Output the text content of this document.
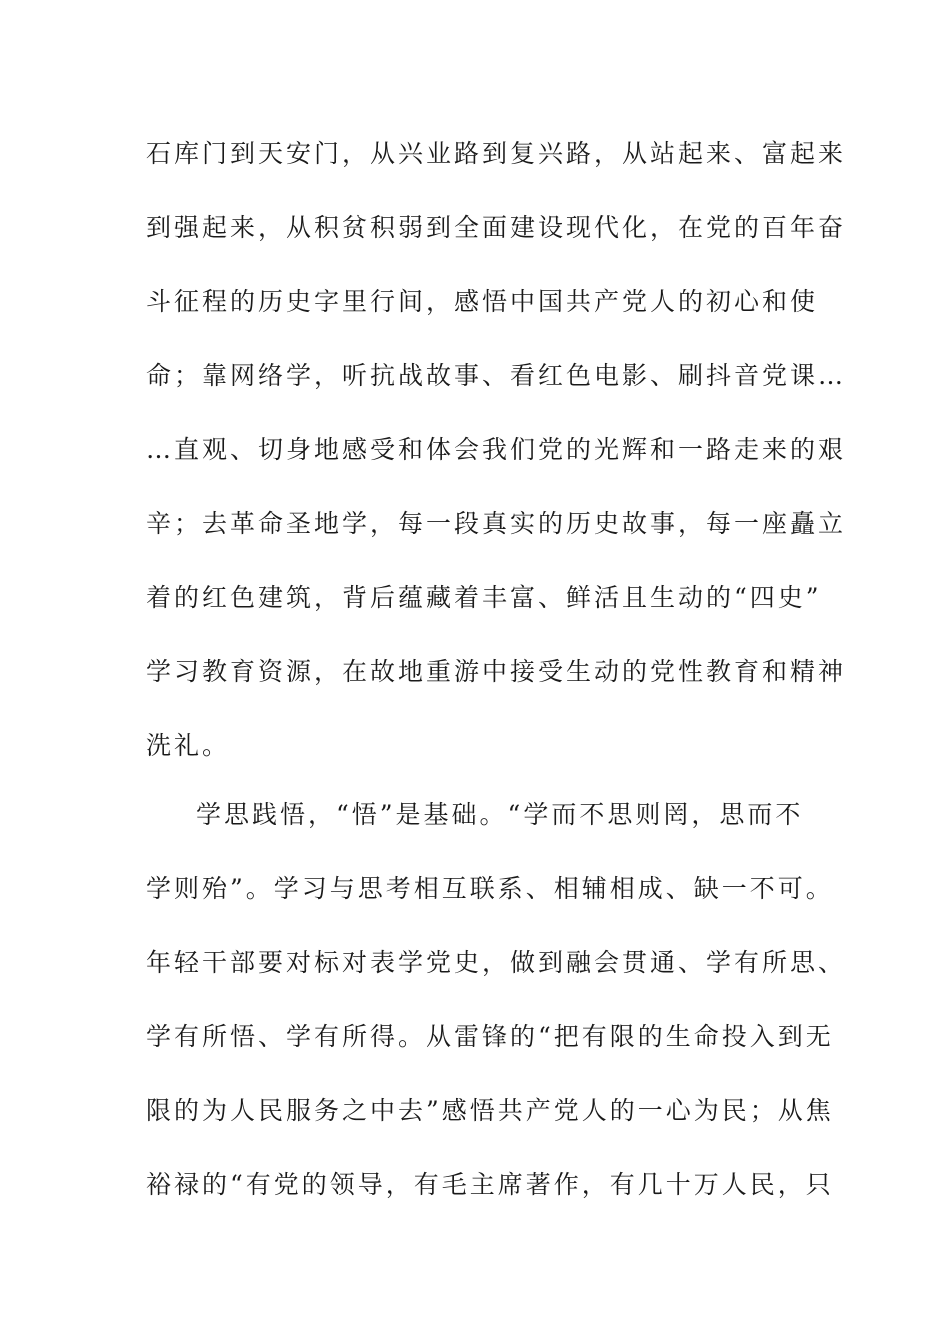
石库门到天安门，从兴业路到复兴路，从站起来、富起来
到强起来，从积贫积弱到全面建设现代化，在党的百年奋
斗征程的历史字里行间，感悟中国共产党人的初心和使
命；靠网络学，听抗战故事、看红色电影、刷抖音党课…
…直观、切身地感受和体会我们党的光辉和一路走来的艰
辛；去革命圣地学，每一段真实的历史故事，每一座矗立
着的红色建筑，背后蕴藏着丰富、鲜活且生动的“四史”
学习教育资源，在故地重游中接受生动的党性教育和精神
洗礼。
学思践悟，“悟”是基础。“学而不思则罔，思而不
学则殆”。学习与思考相互联系、相辅相成、缺一不可。
年轻干部要对标对表学党史，做到融会贯通、学有所思、
学有所悟、学有所得。从雷锋的“把有限的生命投入到无
限的为人民服务之中去”感悟共产党人的一心为民；从焦
裕禄的“有党的领导，有毛主席著作，有几十万人民，只
